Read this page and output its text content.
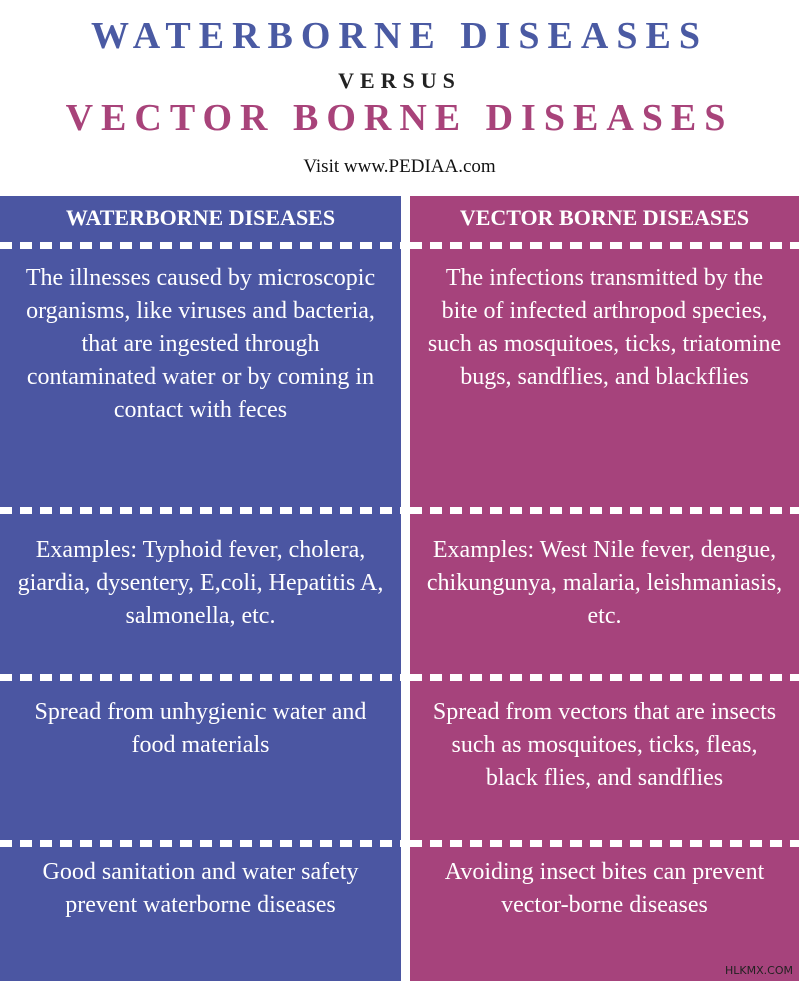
WATERBORNE DISEASES
VERSUS
VECTOR BORNE DISEASES
Visit www.PEDIAA.com
WATERBORNE DISEASES
The illnesses caused by microscopic organisms, like viruses and bacteria, that are ingested through contaminated water or by coming in contact with feces
Examples: Typhoid fever, cholera, giardia, dysentery, E,coli, Hepatitis A, salmonella, etc.
Spread from unhygienic water and food materials
Good sanitation and water safety prevent waterborne diseases
VECTOR BORNE DISEASES
The infections transmitted by the bite of infected arthropod species, such as mosquitoes, ticks, triatomine bugs, sandflies, and blackflies
Examples: West Nile fever, dengue, chikungunya, malaria, leishmaniasis, etc.
Spread from vectors that are insects such as mosquitoes, ticks, fleas, black flies, and sandflies
Avoiding insect bites can prevent vector-borne diseases
HLKMX.COM
